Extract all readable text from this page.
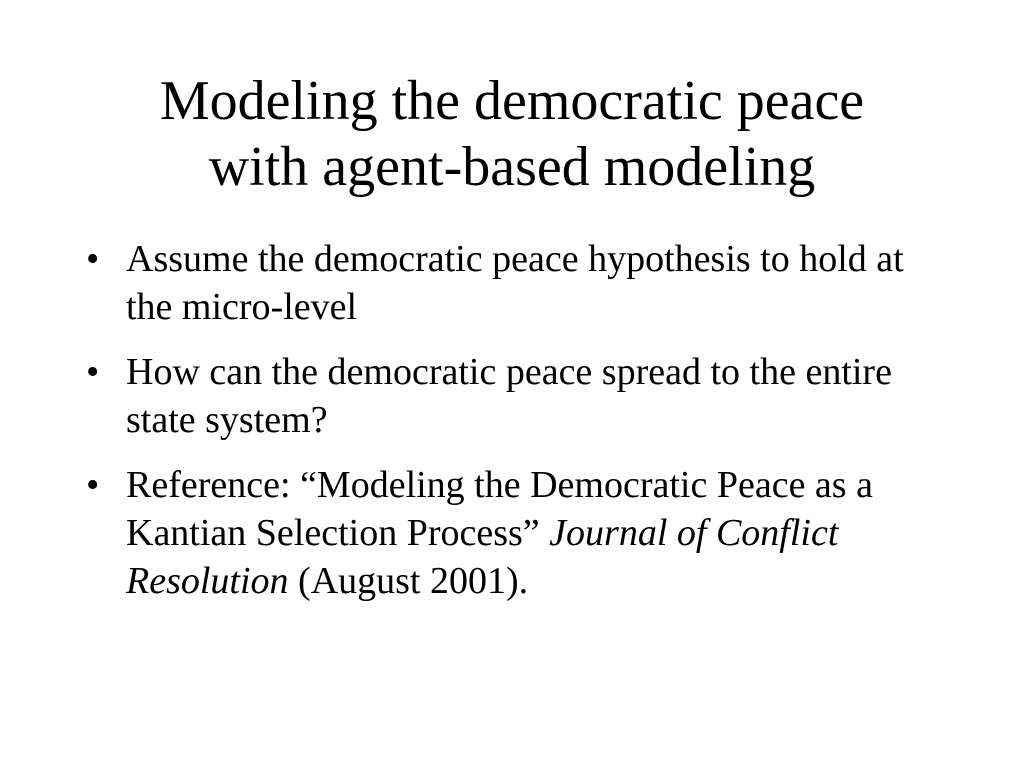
Modeling the democratic peace
with agent-based modeling
• Assume the democratic peace hypothesis to hold at the micro-level
• How can the democratic peace spread to the entire state system?
• Reference: “Modeling the Democratic Peace as a Kantian Selection Process” Journal of Conflict Resolution (August 2001).
